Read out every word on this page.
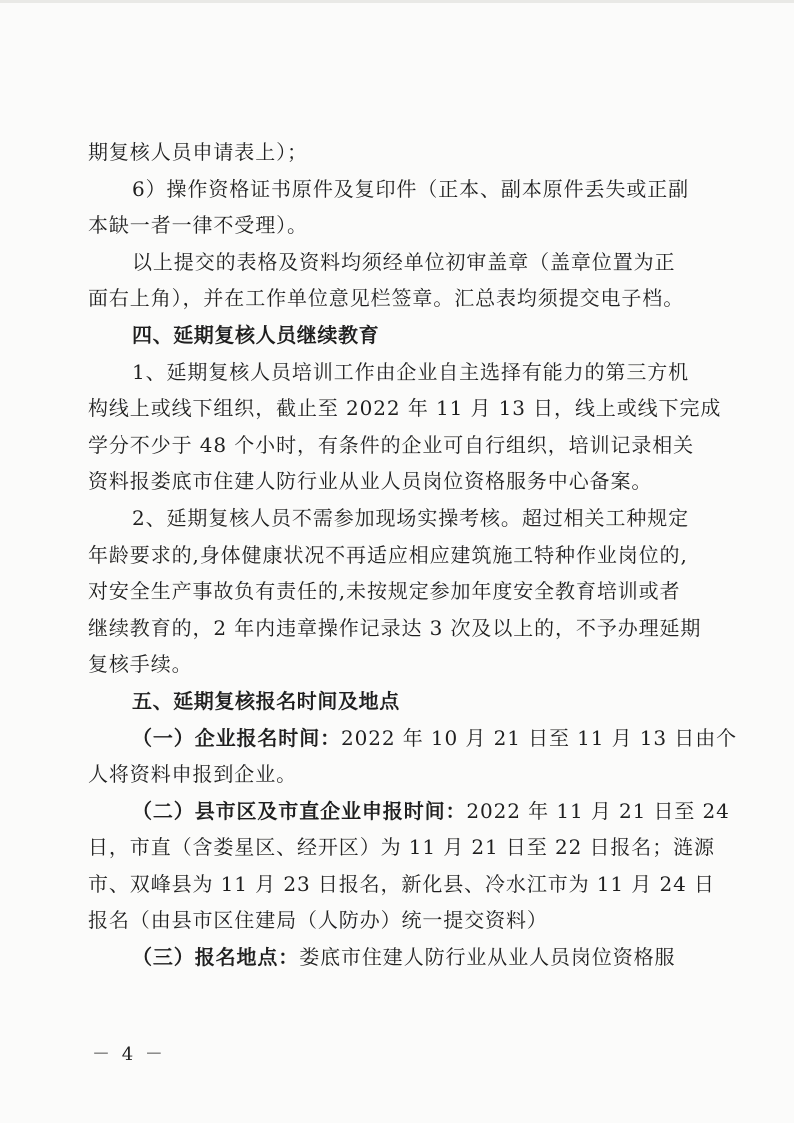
期复核人员申请表上）；
6）操作资格证书原件及复印件（正本、副本原件丢失或正副
本缺一者一律不受理）。
以上提交的表格及资料均须经单位初审盖章（盖章位置为正
面右上角），并在工作单位意见栏签章。汇总表均须提交电子档。
四、延期复核人员继续教育
1、延期复核人员培训工作由企业自主选择有能力的第三方机
构线上或线下组织，截止至 2022 年 11 月 13 日，线上或线下完成
学分不少于 48 个小时，有条件的企业可自行组织，培训记录相关
资料报娄底市住建人防行业从业人员岗位资格服务中心备案。
2、延期复核人员不需参加现场实操考核。超过相关工种规定
年龄要求的,身体健康状况不再适应相应建筑施工特种作业岗位的,
对安全生产事故负有责任的,未按规定参加年度安全教育培训或者
继续教育的，2 年内违章操作记录达 3 次及以上的，不予办理延期
复核手续。
五、延期复核报名时间及地点
（一）企业报名时间：2022 年 10 月 21 日至 11 月 13 日由个
人将资料申报到企业。
（二）县市区及市直企业申报时间：2022 年 11 月 21 日至 24
日，市直（含娄星区、经开区）为 11 月 21 日至 22 日报名；涟源
市、双峰县为 11 月 23 日报名，新化县、冷水江市为 11 月 24 日
报名（由县市区住建局（人防办）统一提交资料）
（三）报名地点：娄底市住建人防行业从业人员岗位资格服
－ 4 －
